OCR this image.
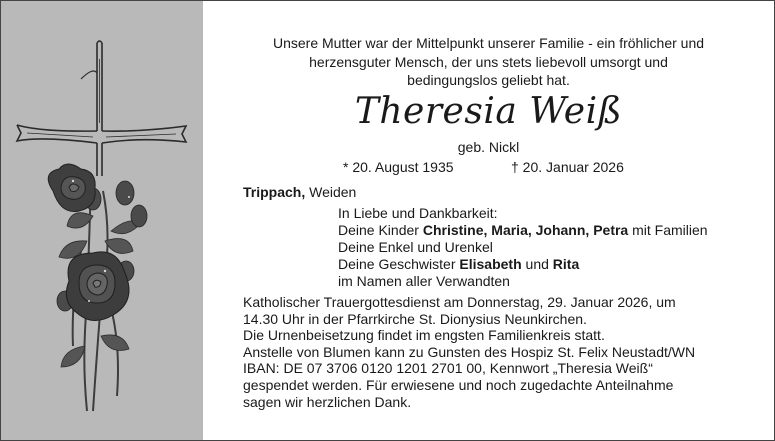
Unsere Mutter war der Mittelpunkt unserer Familie - ein fröhlicher und
herzensguter Mensch, der uns stets liebevoll umsorgt und
bedingungslos geliebt hat.
Theresia Weiß
geb. Nickl
* 20. August 1935	† 20. Januar 2026
Trippach, Weiden
In Liebe und Dankbarkeit:
Deine Kinder Christine, Maria, Johann, Petra mit Familien
Deine Enkel und Urenkel
Deine Geschwister Elisabeth und Rita
im Namen aller Verwandten
Katholischer Trauergottesdienst am Donnerstag, 29. Januar 2026, um
14.30 Uhr in der Pfarrkirche St. Dionysius Neunkirchen.
Die Urnenbeisetzung findet im engsten Familienkreis statt.
Anstelle von Blumen kann zu Gunsten des Hospiz St. Felix Neustadt/WN
IBAN: DE 07 3706 0120 1201 2701 00, Kennwort „Theresia Weiß“
gespendet werden. Für erwiesene und noch zugedachte Anteilnahme
sagen wir herzlichen Dank.
